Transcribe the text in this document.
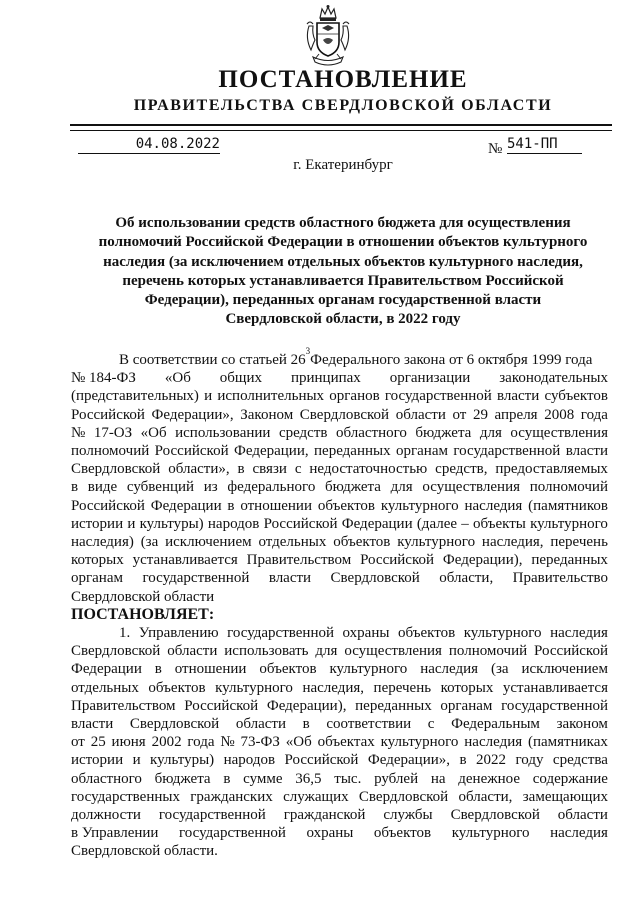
ПОСТАНОВЛЕНИЕ
ПРАВИТЕЛЬСТВА СВЕРДЛОВСКОЙ ОБЛАСТИ
04.08.2022	№ 541-ПП
г. Екатеринбург
Об использовании средств областного бюджета для осуществления
полномочий Российской Федерации в отношении объектов культурного
наследия (за исключением отдельных объектов культурного наследия,
перечень которых устанавливается Правительством Российской
Федерации), переданных органам государственной власти
Свердловской области, в 2022 году
В соответствии со статьей 26
3
Федерального закона от 6 октября 1999 года
№ 184-ФЗ «Об общих принципах организации законодательных
(представительных) и исполнительных органов государственной власти субъектов
Российской Федерации», Законом Свердловской области от 29 апреля 2008 года
№ 17-ОЗ «Об использовании средств областного бюджета для осуществления
полномочий Российской Федерации, переданных органам государственной власти
Свердловской области», в связи с недостаточностью средств, предоставляемых
в виде субвенций из федерального бюджета для осуществления полномочий
Российской Федерации в отношении объектов культурного наследия (памятников
истории и культуры) народов Российской Федерации (далее – объекты культурного
наследия) (за исключением отдельных объектов культурного наследия, перечень
которых устанавливается Правительством Российской Федерации), переданных
органам государственной власти Свердловской области, Правительство
Свердловской области
ПОСТАНОВЛЯЕТ:
1. Управлению государственной охраны объектов культурного наследия
Свердловской области использовать для осуществления полномочий Российской
Федерации в отношении объектов культурного наследия (за исключением
отдельных объектов культурного наследия, перечень которых устанавливается
Правительством Российской Федерации), переданных органам государственной
власти Свердловской области в соответствии с Федеральным законом
от 25 июня 2002 года № 73-ФЗ «Об объектах культурного наследия (памятниках
истории и культуры) народов Российской Федерации», в 2022 году средства
областного бюджета в сумме 36,5 тыс. рублей на денежное содержание
государственных гражданских служащих Свердловской области, замещающих
должности государственной гражданской службы Свердловской области
в Управлении государственной охраны объектов культурного наследия
Свердловской области.
